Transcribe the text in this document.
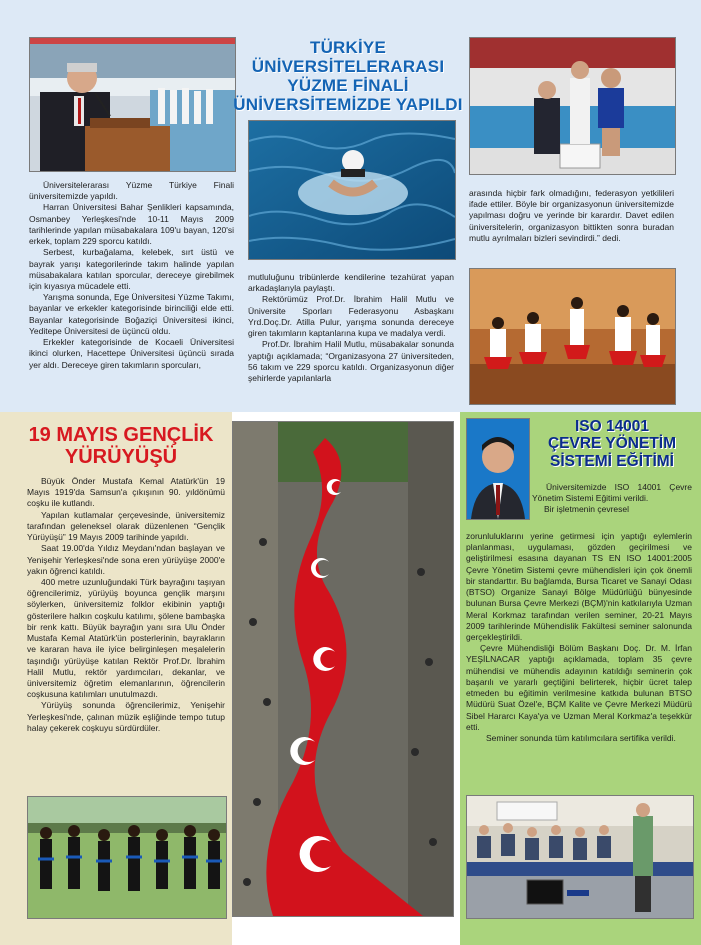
TÜRKİYE ÜNİVERSİTELERARASI
YÜZME FİNALİ
ÜNİVERSİTEMİZDE YAPILDI

Üniversitelerarası Yüzme Türkiye Finali üniversitemizde yapıldı.

Harran Üniversitesi Bahar Şenlikleri kapsamında, Osmanbey Yerleşkesi'nde 10-11 Mayıs 2009 tarihlerinde yapılan müsabakalara 109'u bayan, 120'si erkek, toplam 229 sporcu katıldı.

Serbest, kurbağalama, kelebek, sırt üstü ve bayrak yarışı kategorilerinde takım halinde yapılan müsabakalara katılan sporcular, dereceye girebilmek için kıyasıya mücadele etti.

Yarışma sonunda, Ege Üniversitesi Yüzme Takımı, bayanlar ve erkekler kategorisinde birinciliği elde etti. Bayanlar kategorisinde Boğaziçi Üniversitesi ikinci, Yeditepe Üniversitesi de üçüncü oldu.

Erkekler kategorisinde de Kocaeli Üniversitesi ikinci olurken, Hacettepe Üniversitesi üçüncü sırada yer aldı. Dereceye giren takımların sporcuları,

mutluluğunu tribünlerde kendilerine tezahürat yapan arkadaşlarıyla paylaştı.

Rektörümüz Prof.Dr. İbrahim Halil Mutlu ve Üniversite Sporları Federasyonu Asbaşkanı Yrd.Doç.Dr. Atilla Pulur, yarışma sonunda dereceye giren takımların kaptanlarına kupa ve madalya verdi.

Prof.Dr. İbrahim Halil Mutlu, müsabakalar sonunda yaptığı açıklamada; “Organizasyona 27 üniversiteden, 56 takım ve 229 sporcu katıldı. Organizasyonun diğer şehirlerde yapılanlarla

arasında hiçbir fark olmadığını, federasyon yetkilileri ifade ettiler. Böyle bir organizasyonun üniversitemizde yapılması doğru ve yerinde bir karardır. Davet edilen üniversitelerin, organizasyon bittikten sonra buradan mutlu ayrılmaları bizleri sevindirdi.” dedi.

19 MAYIS GENÇLİK
YÜRÜYÜŞÜ

Büyük Önder Mustafa Kemal Atatürk'ün 19 Mayıs 1919'da Samsun'a çıkışının 90. yıldönümü coşku ile kutlandı.

Yapılan kutlamalar çerçevesinde, üniversitemiz tarafından geleneksel olarak düzenlenen “Gençlik Yürüyüşü” 19 Mayıs 2009 tarihinde yapıldı.

Saat 19.00'da Yıldız Meydanı'ndan başlayan ve Yenişehir Yerleşkesi'nde sona eren yürüyüşe 2000'e yakın öğrenci katıldı.

400 metre uzunluğundaki Türk bayrağını taşıyan öğrencilerimiz, yürüyüş boyunca gençlik marşını söylerken, üniversitemiz folklor ekibinin yaptığı gösterilere halkın coşkulu katılımı, şölene bambaşka bir renk kattı. Büyük bayrağın yanı sıra Ulu Önder Mustafa Kemal Atatürk'ün posterlerinin, bayrakların ve kararan hava ile iyice belirginleşen meşalelerin taşındığı yürüyüşe katılan Rektör Prof.Dr. İbrahim Halil Mutlu, rektör yardımcıları, dekanlar, ve üniversitemiz öğretim elemanlarının, öğrencilerin coşkusuna katılımları unutulmazdı.

Yürüyüş sonunda öğrencilerimiz, Yenişehir Yerleşkesi'nde, çalınan müzik eşliğinde tempo tutup halay çekerek coşkuyu sürdürdüler.

ISO 14001
ÇEVRE YÖNETİM
SİSTEMİ EĞİTİMİ

Üniversitemizde ISO 14001 Çevre Yönetim Sistemi Eğitimi verildi.

Bir işletmenin çevresel

zorunluluklarını yerine getirmesi için yaptığı eylemlerin planlanması, uygulaması, gözden geçirilmesi ve geliştirilmesi esasına dayanan TS EN ISO 14001:2005 Çevre Yönetim Sistemi çevre mühendisleri için çok önemli bir standarttır. Bu bağlamda, Bursa Ticaret ve Sanayi Odası (BTSO) Organize Sanayi Bölge Müdürlüğü bünyesinde bulunan Bursa Çevre Merkezi (BÇM)'nin katkılarıyla Uzman Meral Korkmaz tarafından verilen seminer, 20-21 Mayıs 2009 tarihlerinde Mühendislik Fakültesi seminer salonunda gerçekleştirildi.

Çevre Mühendisliği Bölüm Başkanı Doç. Dr. M. İrfan YEŞİLNACAR yaptığı açıklamada, toplam 35 çevre mühendisi ve mühendis adayının katıldığı seminerin çok başarılı ve yararlı geçtiğini belirterek, hiçbir ücret talep etmeden bu eğitimin verilmesine katkıda bulunan BTSO Müdürü Suat Özel'e, BÇM Kalite ve Çevre Merkezi Müdürü Sibel Hararcı Kaya'ya ve Uzman Meral Korkmaz'a teşekkür etti.

Seminer sonunda tüm katılımcılara sertifika verildi.
